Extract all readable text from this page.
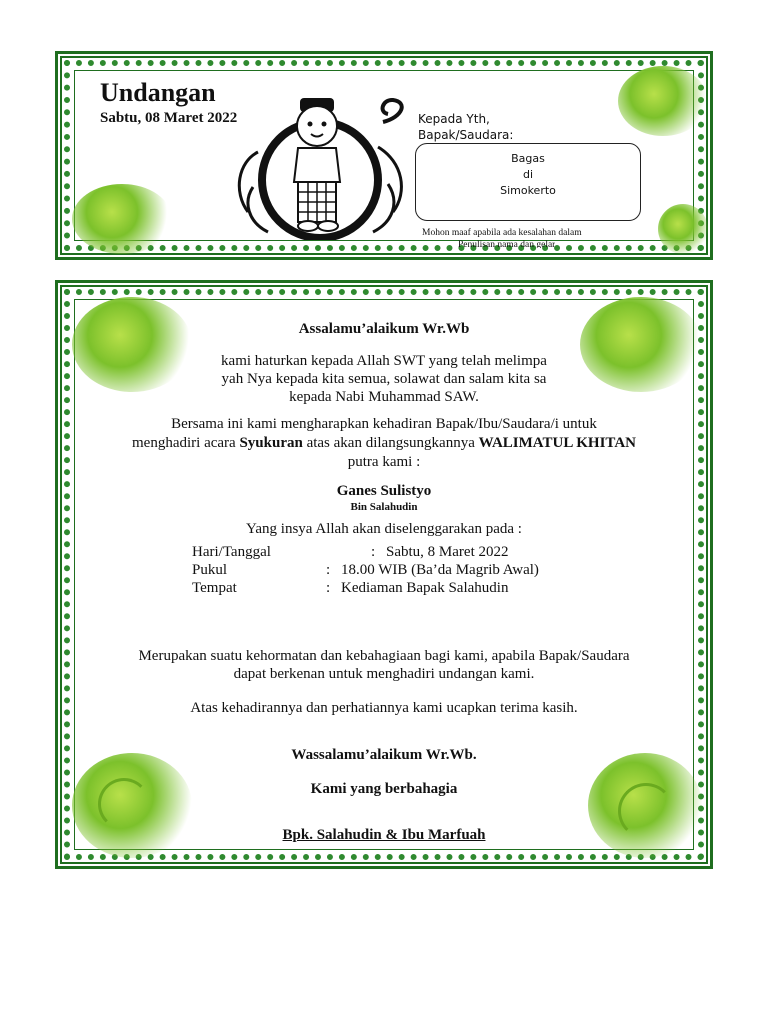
Undangan
Sabtu, 08 Maret 2022	Kepada Yth,
Bapak/Saudara:
Bagas
di
Simokerto
Mohon maaf apabila ada kesalahan dalam
Penulisan nama dan gelar
Assalamu’alaikum Wr.Wb
kami haturkan kepada Allah SWT yang telah melimpa
yah Nya kepada kita semua, solawat dan salam kita sa
kepada Nabi Muhammad SAW.
Bersama ini kami mengharapkan kehadiran Bapak/Ibu/Saudara/i untuk
menghadiri acara Syukuran atas akan dilangsungkannya WALIMATUL KHITAN
putra kami :
Ganes Sulistyo
Bin Salahudin
Yang insya Allah akan diselenggarakan pada :
Hari/Tanggal	: Sabtu, 8 Maret 2022
Pukul	: 18.00 WIB (Ba’da Magrib Awal)
Tempat	: Kediaman Bapak Salahudin
Merupakan suatu kehormatan dan kebahagiaan bagi kami, apabila Bapak/Saudara
dapat berkenan untuk menghadiri undangan kami.
Atas kehadirannya dan perhatiannya kami ucapkan terima kasih.
Wassalamu’alaikum Wr.Wb.
Kami yang berbahagia
Bpk. Salahudin & Ibu Marfuah
